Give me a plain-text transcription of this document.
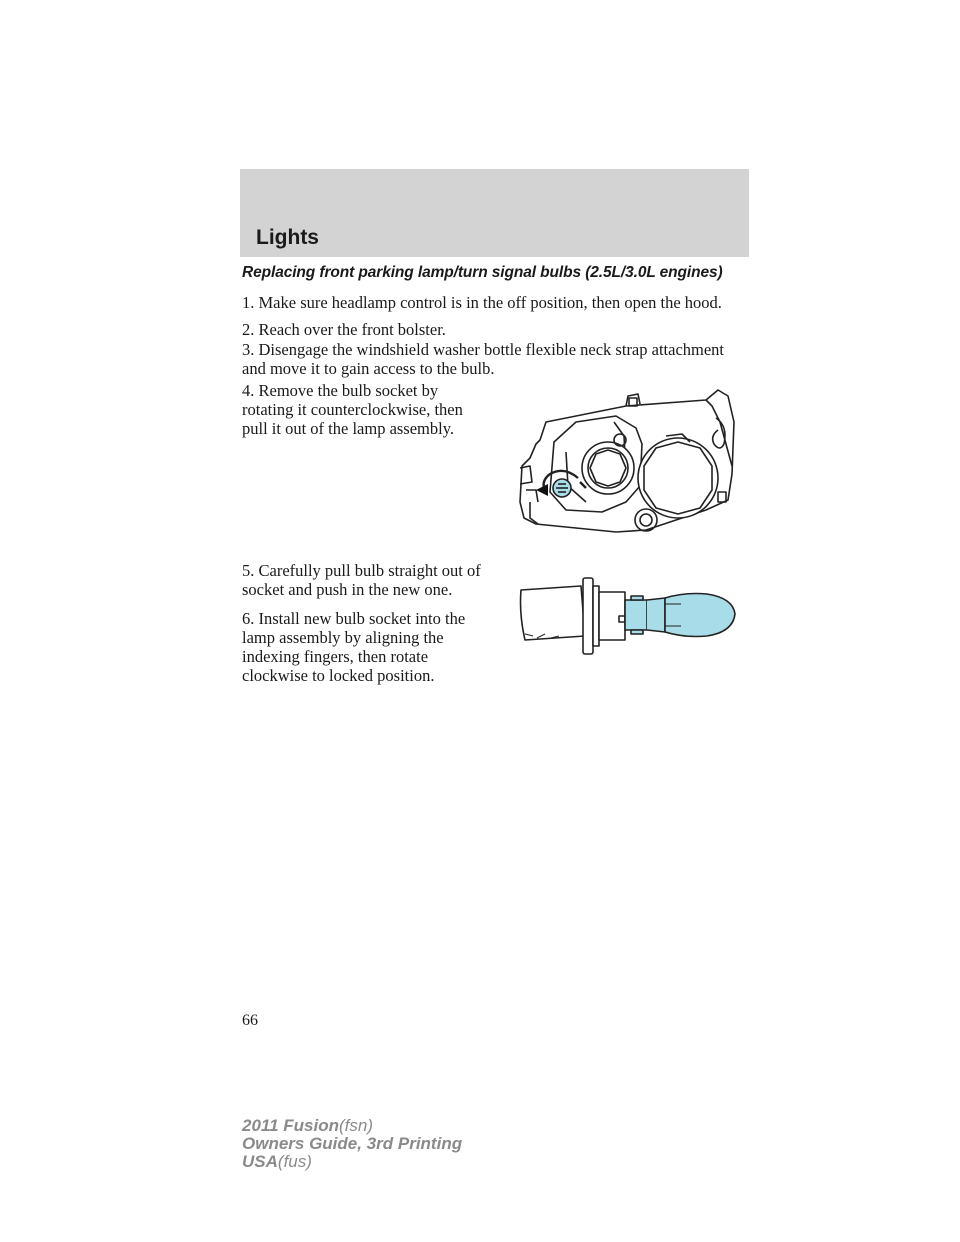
Lights
Replacing front parking lamp/turn signal bulbs (2.5L/3.0L engines)

1. Make sure headlamp control is in the off position, then open the hood.

2. Reach over the front bolster.

3. Disengage the windshield washer bottle flexible neck strap attachment and move it to gain access to the bulb.

4. Remove the bulb socket by rotating it counterclockwise, then pull it out of the lamp assembly.

5. Carefully pull bulb straight out of socket and push in the new one.

6. Install new bulb socket into the lamp assembly by aligning the indexing fingers, then rotate clockwise to locked position.

66
2011 Fusion(fsn)
Owners Guide, 3rd Printing
USA(fus)
